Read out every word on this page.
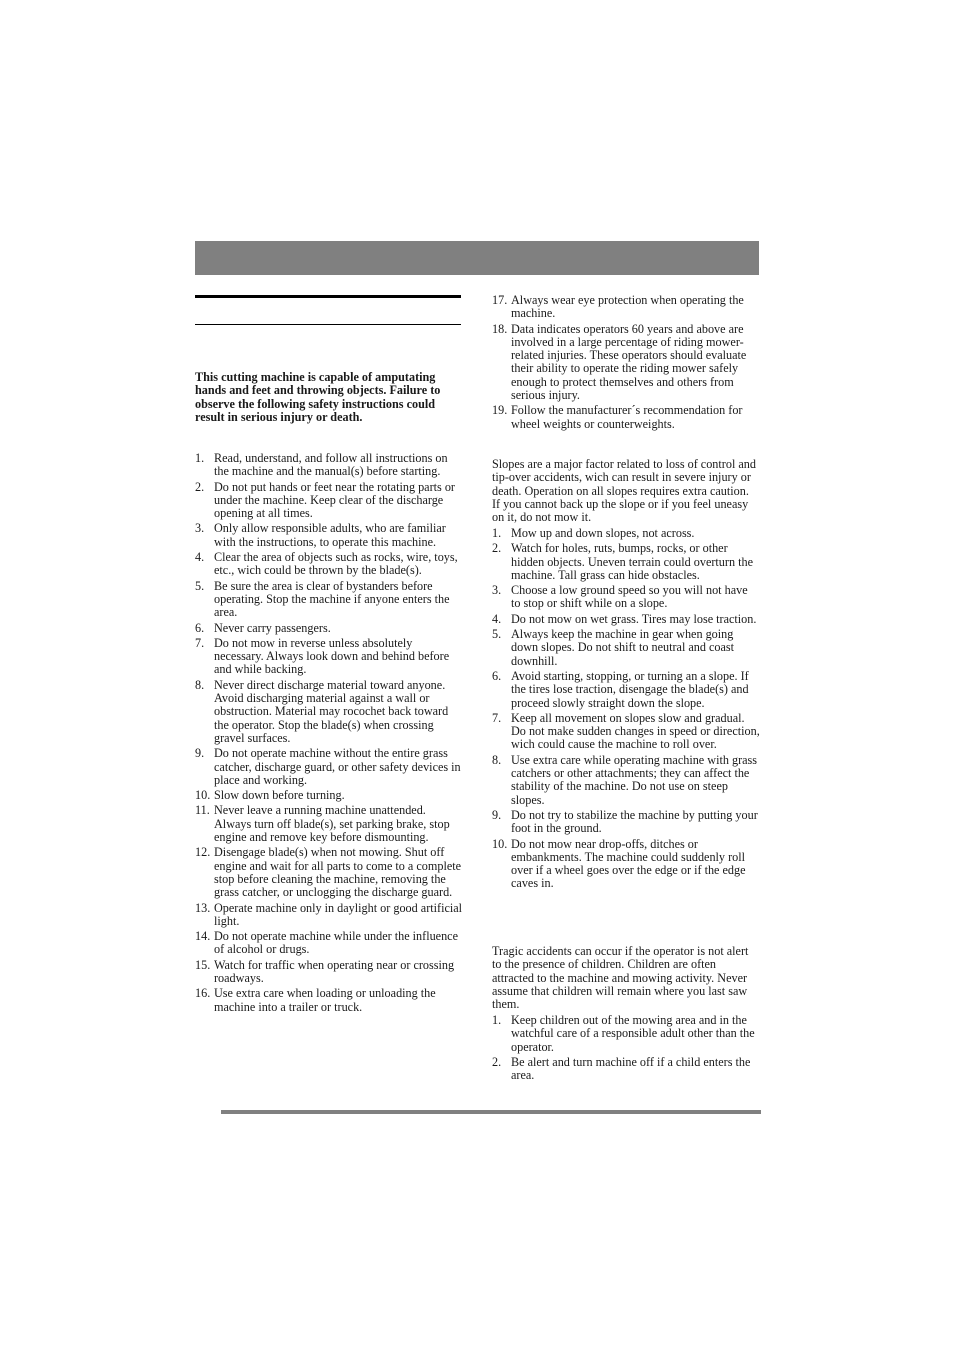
This cutting machine is capable of amputating hands and feet and throwing objects. Failure to observe the following safety instructions could result in serious injury or death.

1. Read, understand, and follow all instructions on the machine and the manual(s) before starting.
2. Do not put hands or feet near the rotating parts or under the machine. Keep clear of the discharge opening at all times.
3. Only allow responsible adults, who are familiar with the instructions, to operate this machine.
4. Clear the area of objects such as rocks, wire, toys, etc., wich could be thrown by the blade(s).
5. Be sure the area is clear of bystanders before operating. Stop the machine if anyone enters the area.
6. Never carry passengers.
7. Do not mow in reverse unless absolutely necessary. Always look down and behind before and while backing.
8. Never direct discharge material toward anyone. Avoid discharging material against a wall or obstruction. Material may rocochet back toward the operator. Stop the blade(s) when crossing gravel surfaces.
9. Do not operate machine without the entire grass catcher, discharge guard, or other safety devices in place and working.
10. Slow down before turning.
11. Never leave a running machine unattended. Always turn off blade(s), set parking brake, stop engine and remove key before dismounting.
12. Disengage blade(s) when not mowing. Shut off engine and wait for all parts to come to a complete stop before cleaning the machine, removing the grass catcher, or unclogging the discharge guard.
13. Operate machine only in daylight or good artificial light.
14. Do not operate machine while under the influence of alcohol or drugs.
15. Watch for traffic when operating near or crossing roadways.
16. Use extra care when loading or unloading the machine into a trailer or truck.
17. Always wear eye protection when operating the machine.
18. Data indicates operators 60 years and above are involved in a large percentage of riding mower-related injuries. These operators should evaluate their ability to operate the riding mower safely enough to protect themselves and others from serious injury.
19. Follow the manufacturer´s recommendation for wheel weights or counterweights.

Slopes are a major factor related to loss of control and tip-over accidents, wich can result in severe injury or death. Operation on all slopes requires extra caution. If you cannot back up the slope or if you feel uneasy on it, do not mow it.

1. Mow up and down slopes, not across.
2. Watch for holes, ruts, bumps, rocks, or other hidden objects. Uneven terrain could overturn the machine. Tall grass can hide obstacles.
3. Choose a low ground speed so you will not have to stop or shift while on a slope.
4. Do not mow on wet grass. Tires may lose traction.
5. Always keep the machine in gear when going down slopes. Do not shift to neutral and coast downhill.
6. Avoid starting, stopping, or turning an a slope. If the tires lose traction, disengage the blade(s) and proceed slowly straight down the slope.
7. Keep all movement on slopes slow and gradual. Do not make sudden changes in speed or direction, wich could cause the machine to roll over.
8. Use extra care while operating machine with grass catchers or other attachments; they can affect the stability of the machine. Do not use on steep slopes.
9. Do not try to stabilize the machine by putting your foot in the ground.
10. Do not mow near drop-offs, ditches or embankments. The machine could suddenly roll over if a wheel goes over the edge or if the edge caves in.

Tragic accidents can occur if the operator is not alert to the presence of children. Children are often attracted to the machine and mowing activity. Never assume that children will remain where you last saw them.

1. Keep children out of the mowing area and in the watchful care of a responsible adult other than the operator.
2. Be alert and turn machine off if a child enters the area.
